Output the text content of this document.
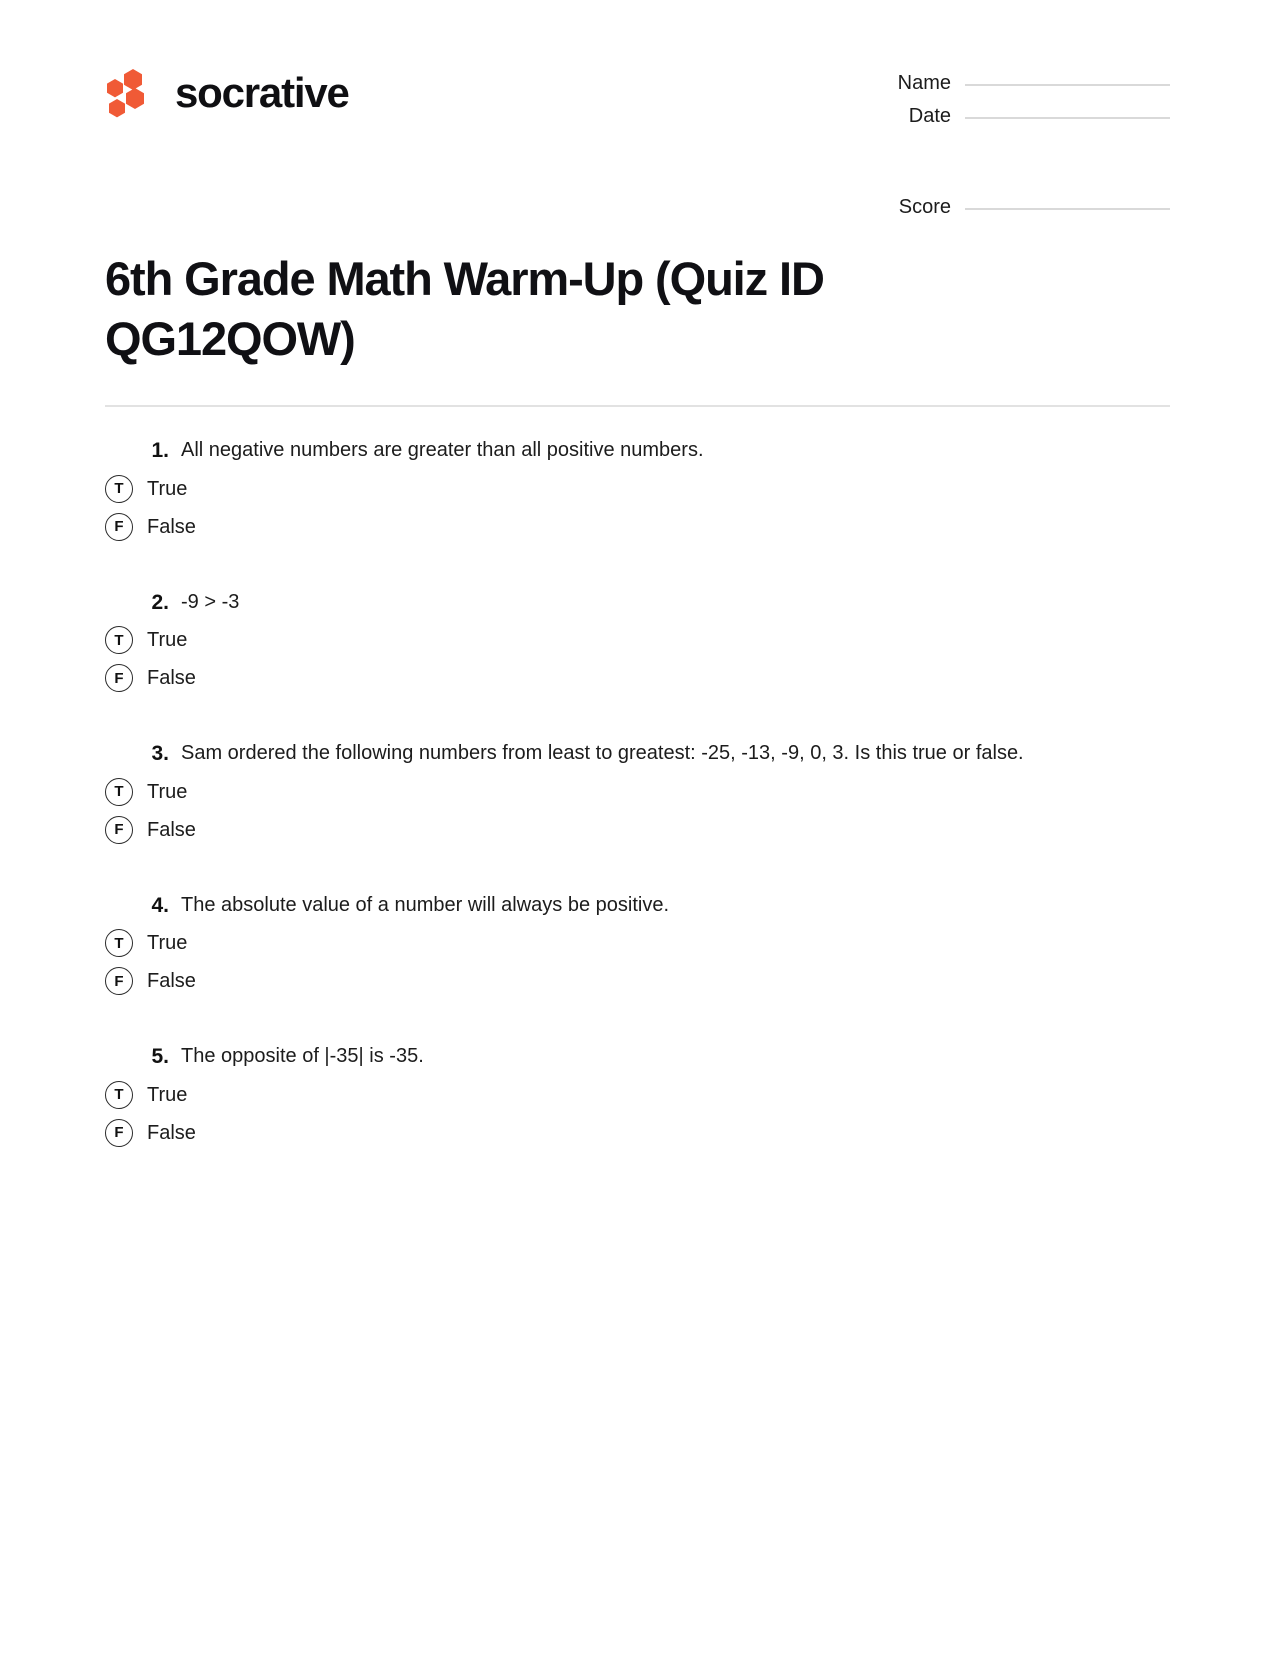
socrative	Name
Date
Score
6th Grade Math Warm-Up (Quiz ID QG12QOW)
1. All negative numbers are greater than all positive numbers.
T	True
F	False
2. -9 > -3
T	True
F	False
3. Sam ordered the following numbers from least to greatest: -25, -13, -9, 0, 3. Is this true or false.
T	True
F	False
4. The absolute value of a number will always be positive.
T	True
F	False
5. The opposite of |-35| is -35.
T	True
F	False
